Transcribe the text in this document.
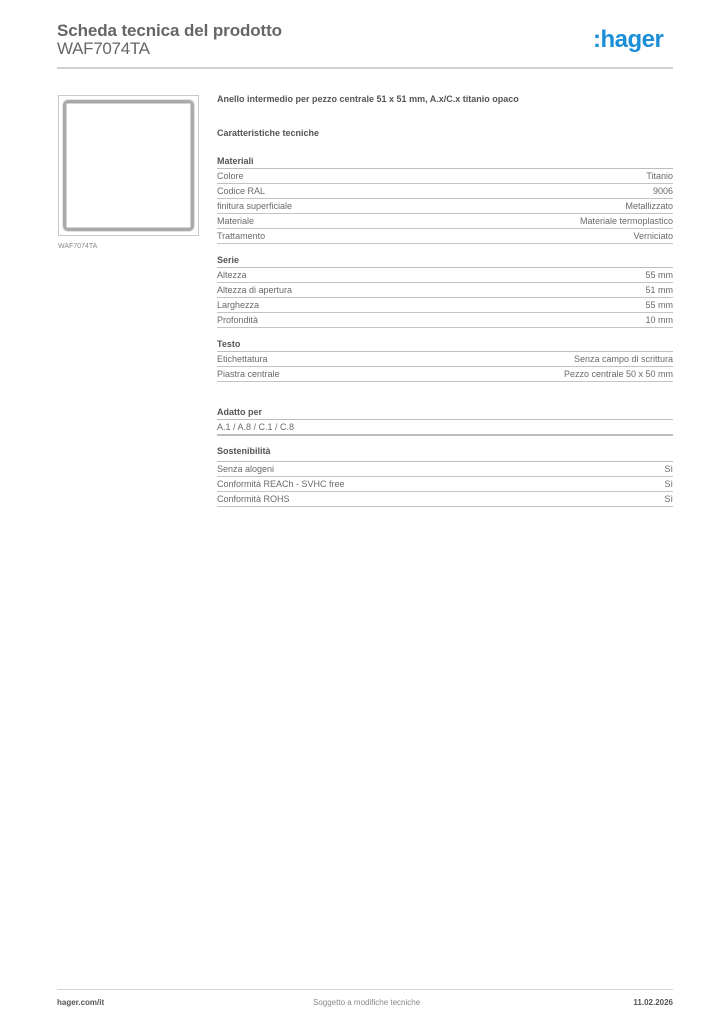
Scheda tecnica del prodotto
WAF7074TA	:hager
WAF7074TA
Anello intermedio per pezzo centrale 51 x 51 mm, A.x/C.x titanio opaco
Caratteristiche tecniche
Materiali
Colore	Titanio
Codice RAL	9006
finitura superficiale	Metallizzato
Materiale	Materiale termoplastico
Trattamento	Verniciato
Serie
Altezza	55 mm
Altezza di apertura	51 mm
Larghezza	55 mm
Profondità	10 mm
Testo
Etichettatura	Senza campo di scrittura
Piastra centrale	Pezzo centrale 50 x 50 mm
Adatto per
A.1 / A.8 / C.1 / C.8
Sostenibilità
Senza alogeni	Sì
Conformità REACh - SVHC free	Sì
Conformità ROHS	Sì
hager.com/it	Soggetto a modifiche tecniche	11.02.2026
